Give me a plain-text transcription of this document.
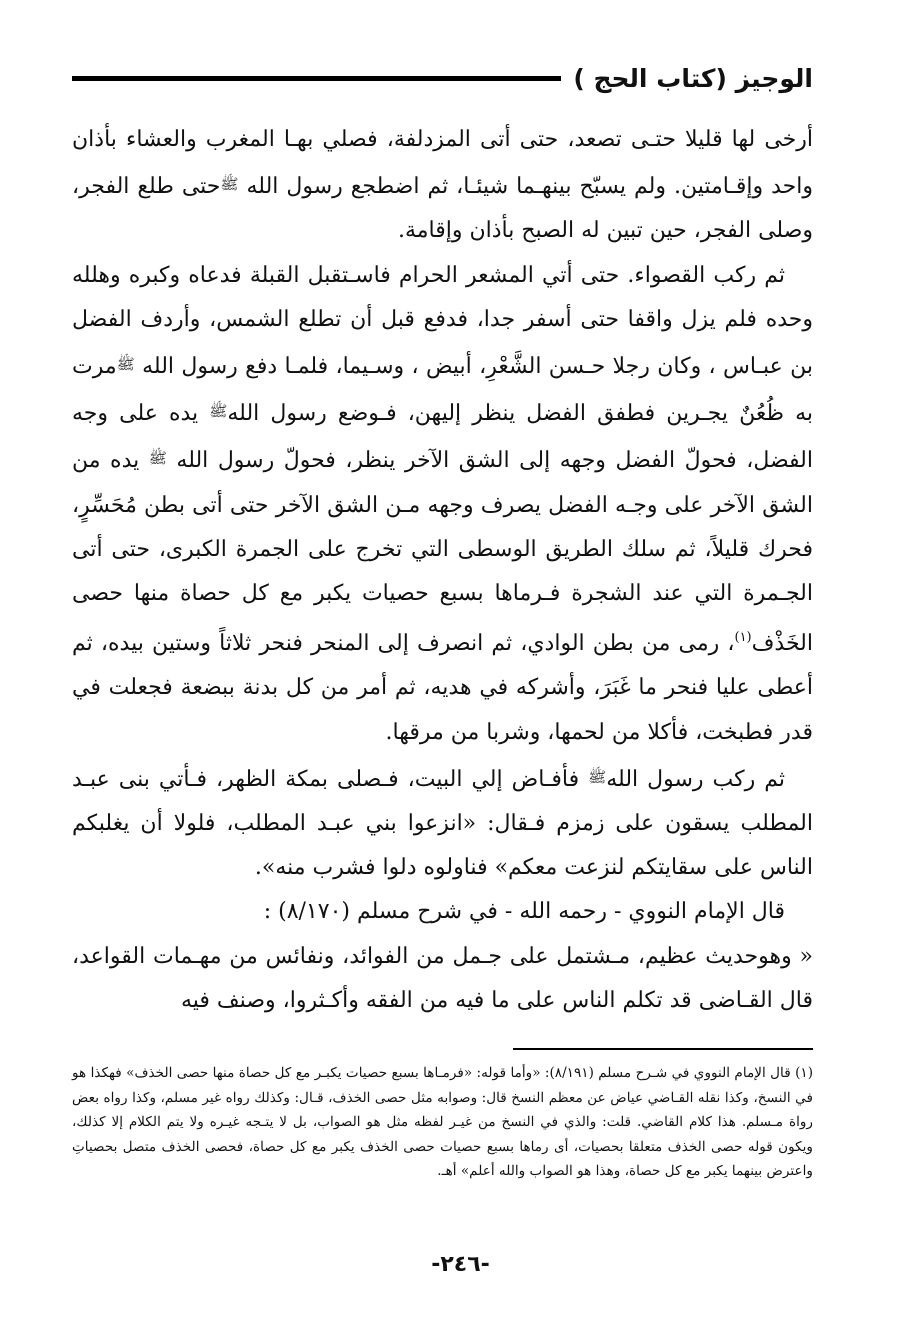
الوجيز (كتاب الحج )

أرخى لها قليلا حتـى تصعد، حتى أتى المزدلفة، فصلي بهـا المغرب والعشاء بأذان واحد وإقـامتين. ولم يسبّح بينهـما شيئـا، ثم اضطجع رسول الله ﷺحتى طلع الفجر، وصلى الفجر، حين تبين له الصبح بأذان وإقامة.

ثم ركب القصواء. حتى أتي المشعر الحرام فاسـتقبل القبلة فدعاه وكبره وهلله وحده فلم يزل واقفا حتى أسفر جدا، فدفع قبل أن تطلع الشمس، وأردف الفضل بن عبـاس ، وكان رجلا حـسن الشَّعْرِ، أبيض ، وسـيما، فلمـا دفع رسول الله ﷺمرت به ظُعُنٌ يجـرين فطفق الفضل ينظر إليهن، فـوضع رسول اللهﷺ يده على وجه الفضل، فحولّ الفضل وجهه إلى الشق الآخر ينظر، فحولّ رسول الله ﷺ يده من الشق الآخر على وجـه الفضل يصرف وجهه مـن الشق الآخر حتى أتى بطن مُحَسِّرٍ، فحرك قليلاً، ثم سلك الطريق الوسطى التي تخرج على الجمرة الكبرى، حتى أتى الجـمرة التي عند الشجرة فـرماها بسبع حصيات يكبر مع كل حصاة منها حصى الخَذْف$^{(١)}$، رمى من بطن الوادي، ثم انصرف إلى المنحر فنحر ثلاثاً وستين بيده، ثم أعطى عليا فنحر ما غَبَرَ، وأشركه في هديه، ثم أمر من كل بدنة ببضعة فجعلت في قدر فطبخت، فأكلا من لحمها، وشربا من مرقها.

ثم ركب رسول اللهﷺ فأفـاض إلي البيت، فـصلى بمكة الظهر، فـأتي بنى عبـد المطلب يسقون على زمزم فـقال: «انزعوا بني عبـد المطلب، فلولا أن يغلبكم الناس على سقايتكم لنزعت معكم» فناولوه دلوا فشرب منه».

قال الإمام النووي - رحمه الله - في شرح مسلم (٨/١٧٠) :

« وهوحديث عظيم، مـشتمل على جـمل من الفوائد، ونفائس من مهـمات القواعد، قال القـاضى قد تكلم الناس على ما فيه من الفقه وأكـثروا، وصنف فيه

(١) قال الإمام النووي في شـرح مسلم (٨/١٩١): «وأما قوله: «فرمـاها بسبع حصيات يكبـر مع كل حصاة منها حصى الخذف» فهكذا هو في النسخ، وكذا نقله القـاضي عياض عن معظم النسخ قال: وصوابه مثل حصى الخذف، قـال: وكذلك رواه غير مسلم، وكذا رواه بعض رواة مـسلم. هذا كلام القاضي. قلت: والذي في النسخ من غيـر لفظه مثل هو الصواب، بل لا يتـجه غيـره ولا يتم الكلام إلا كذلك، ويكون قوله حصى الخذف متعلقا بحصيات، أى رماها بسبع حصيات حصى الخذف يكبر مع كل حصاة، فحصى الخذف متصل بحصياتِ واعترض بينهما يكبر مع كل حصاة، وهذا هو الصواب والله أعلم» أهـ.

-٢٤٦-
